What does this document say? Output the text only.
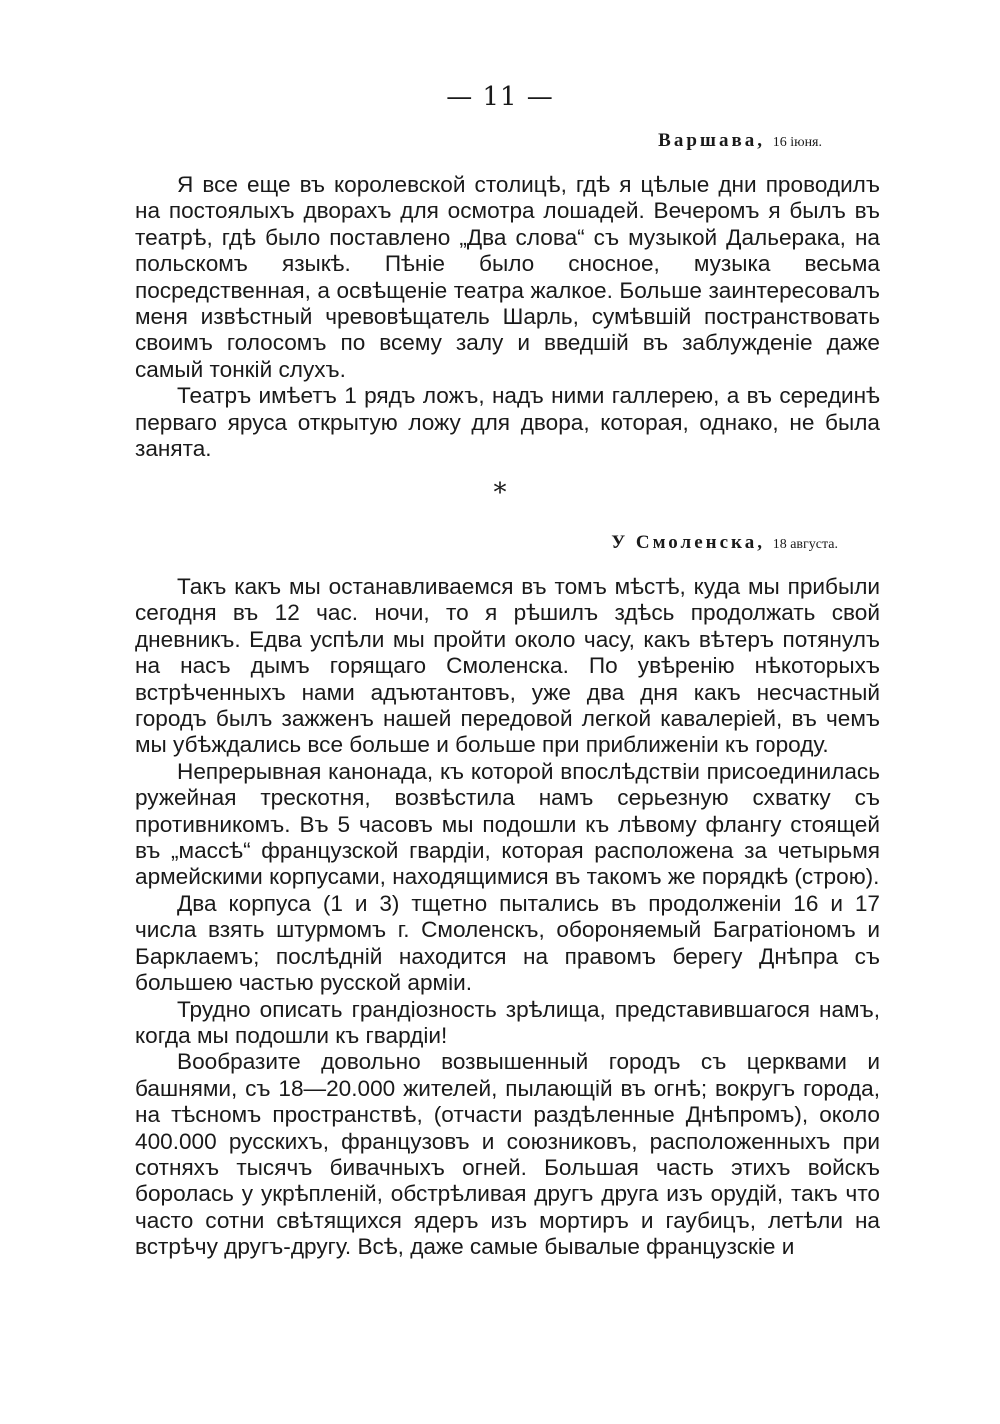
— 11 —
Варшава, 16 іюня.

Я все еще въ королевской столицѣ, гдѣ я цѣлые дни проводилъ на постоялыхъ дворахъ для осмотра лошадей. Вечеромъ я былъ въ театрѣ, гдѣ было поставлено „Два слова“ съ музыкой Дальерака, на польскомъ языкѣ. Пѣніе было сносное, музыка весьма посредственная, а освѣщеніе театра жалкое. Больше заинтересовалъ меня извѣстный чревовѣщатель Шарль, сумѣвшій постранствовать своимъ голосомъ по всему залу и введшій въ заблужденіе даже самый тонкій слухъ.

Театръ имѣетъ 1 рядъ ложъ, надъ ними галлерею, а въ серединѣ перваго яруса открытую ложу для двора, которая, однако, не была занята.

*
У Смоленска, 18 августа.

Такъ какъ мы останавливаемся въ томъ мѣстѣ, куда мы прибыли сегодня въ 12 час. ночи, то я рѣшилъ здѣсь продолжать свой дневникъ. Едва успѣли мы пройти около часу, какъ вѣтеръ потянулъ на насъ дымъ горящаго Смоленска. По увѣренію нѣкоторыхъ встрѣченныхъ нами адъютантовъ, уже два дня какъ несчастный городъ былъ зажженъ нашей передовой легкой кавалеріей, въ чемъ мы убѣждались все больше и больше при приближеніи къ городу.

Непрерывная канонада, къ которой впослѣдствіи присоединилась ружейная трескотня, возвѣстила намъ серьезную схватку съ противникомъ. Въ 5 часовъ мы подошли къ лѣвому флангу стоящей въ „массѣ“ французской гвардіи, которая расположена за четырьмя армейскими корпусами, находящимися въ такомъ же порядкѣ (строю).

Два корпуса (1 и 3) тщетно пытались въ продолженіи 16 и 17 числа взять штурмомъ г. Смоленскъ, обороняемый Багратіономъ и Барклаемъ; послѣдній находится на правомъ берегу Днѣпра съ большею частью русской арміи.

Трудно описать грандіозность зрѣлища, представившагося намъ, когда мы подошли къ гвардіи!

Вообразите довольно возвышенный городъ съ церквами и башнями, съ 18—20.000 жителей, пылающій въ огнѣ; вокругъ города, на тѣсномъ пространствѣ, (отчасти раздѣленные Днѣпромъ), около 400.000 русскихъ, французовъ и союзниковъ, расположенныхъ при сотняхъ тысячъ бивачныхъ огней. Большая часть этихъ войскъ боролась у укрѣпленій, обстрѣливая другъ друга изъ орудій, такъ что часто сотни свѣтящихся ядеръ изъ мортиръ и гаубицъ, летѣли на встрѣчу другъ-другу. Всѣ, даже самые бывалые французскіе и
